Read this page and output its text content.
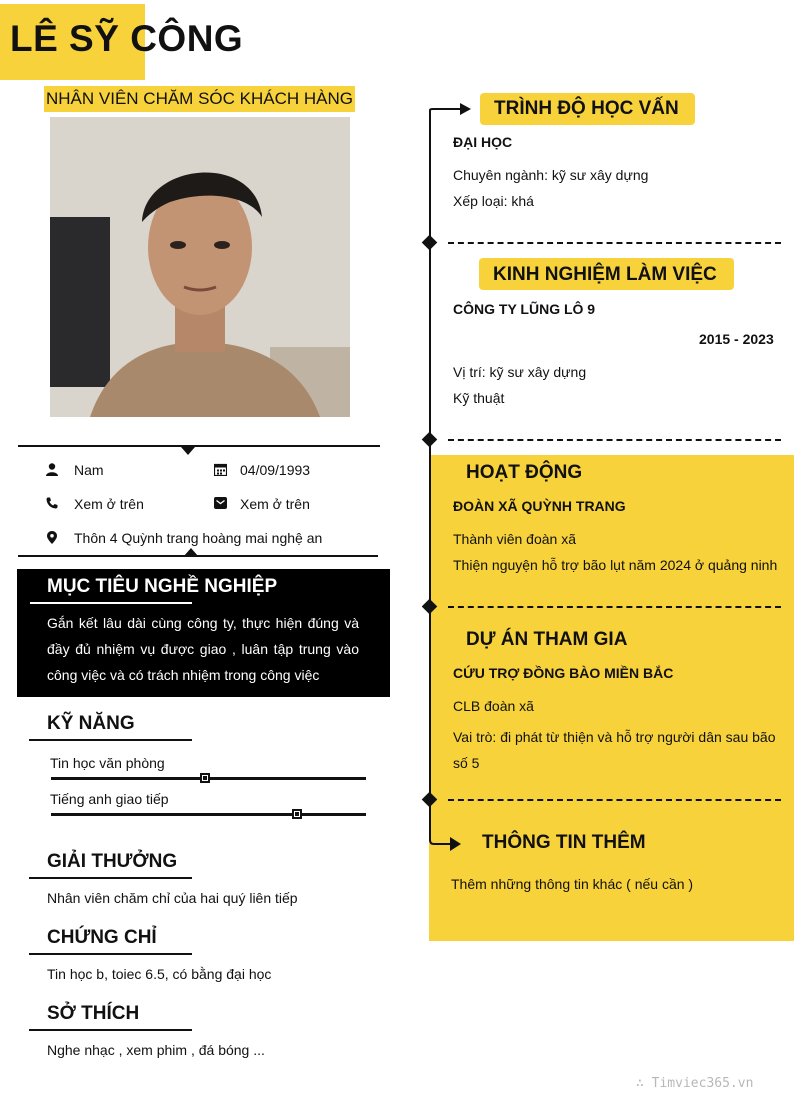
LÊ SỸ CÔNG
NHÂN VIÊN CHĂM SÓC KHÁCH HÀNG
Nam	04/09/1993
Xem ở trên	Xem ở trên
Thôn 4 Quỳnh trang hoàng mai nghệ an
MỤC TIÊU NGHỀ NGHIỆP
Gắn kết lâu dài cùng công ty, thực hiện đúng và đầy đủ nhiệm vụ được giao , luân tập trung vào công việc và có trách nhiệm trong công việc
KỸ NĂNG
Tin học văn phòng
Tiếng anh giao tiếp
GIẢI THƯỞNG
Nhân viên chăm chỉ của hai quý liên tiếp
CHỨNG CHỈ
Tin học b, toiec 6.5, có bằng đại học
SỞ THÍCH
Nghe nhạc , xem phim , đá bóng ...
TRÌNH ĐỘ HỌC VẤN
ĐẠI HỌC
Chuyên ngành: kỹ sư xây dựng
Xếp loại: khá
KINH NGHIỆM LÀM VIỆC
CÔNG TY LŨNG LÔ 9
2015 - 2023
Vị trí: kỹ sư xây dựng
Kỹ thuật
HOẠT ĐỘNG
ĐOÀN XÃ QUỲNH TRANG
Thành viên đoàn xã
Thiện nguyện hỗ trợ bão lụt năm 2024 ở quảng ninh
DỰ ÁN THAM GIA
CỨU TRỢ ĐỒNG BÀO MIỀN BẮC
CLB đoàn xã
Vai trò: đi phát từ thiện và hỗ trợ người dân sau bão số 5
THÔNG TIN THÊM
Thêm những thông tin khác ( nếu cần )
∴ Timviec365.vn
